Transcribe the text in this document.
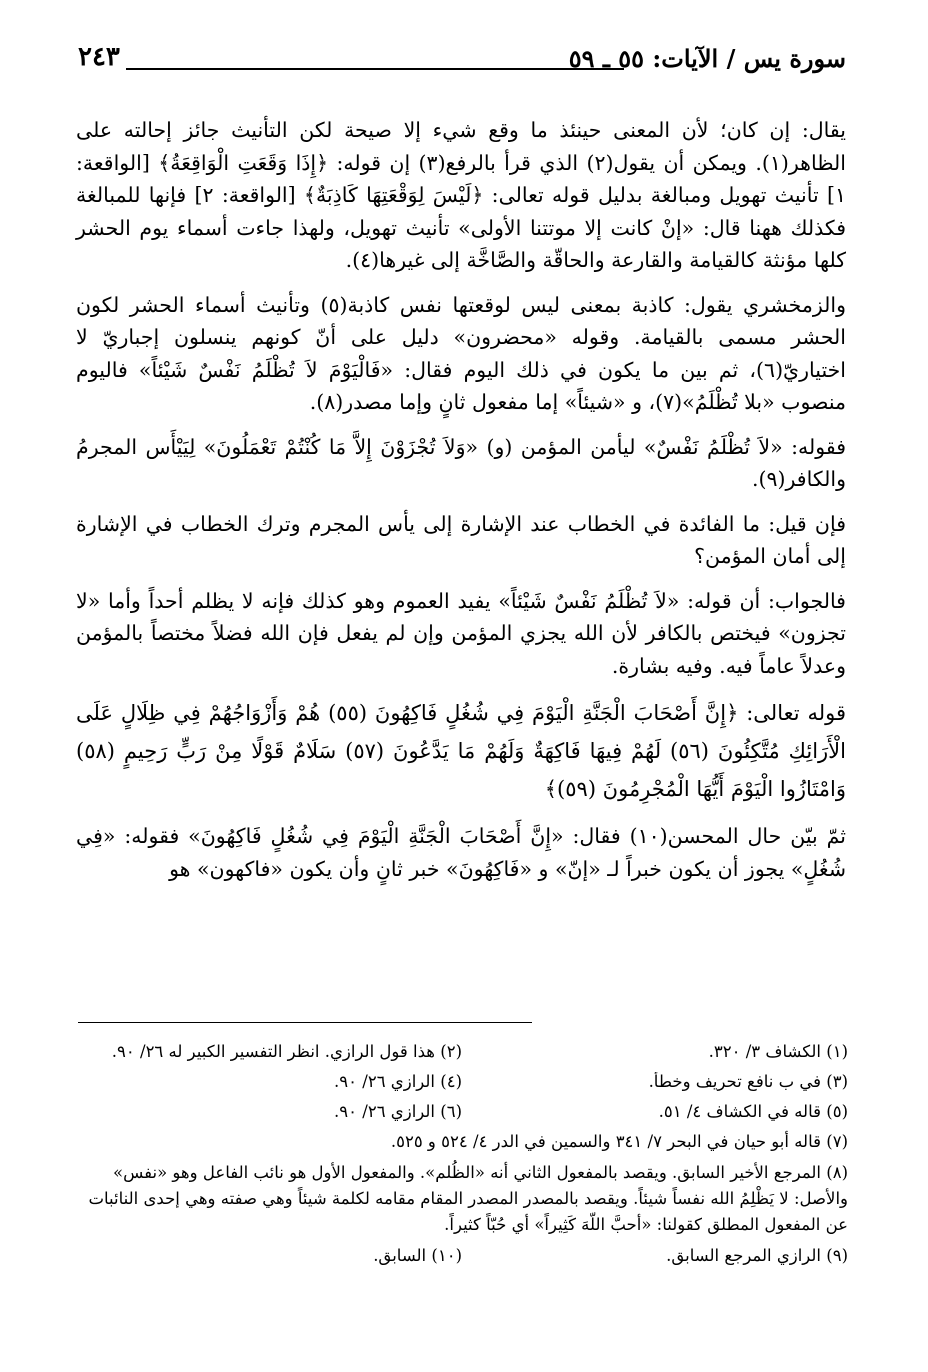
سورة يس / الآيات: ٥٥ ـ ٥٩
٢٤٣

يقال: إن كان؛ لأن المعنى حينئذ ما وقع شيء إلا صيحة لكن التأنيث جائز إحالته على الظاهر(١). ويمكن أن يقول(٢) الذي قرأ بالرفع(٣) إن قوله: ﴿إِذَا وَقَعَتِ الْوَاقِعَةُ﴾ [الواقعة: ١] تأنيث تهويل ومبالغة بدليل قوله تعالى: ﴿لَيْسَ لِوَقْعَتِهَا كَاذِبَةٌ﴾ [الواقعة: ٢] فإنها للمبالغة فكذلك ههنا قال: «إنْ كانت إلا موتتنا الأولى» تأنيث تهويل، ولهذا جاءت أسماء يوم الحشر كلها مؤنثة كالقيامة والقارعة والحاقّة والصَّاخَّة إلى غيرها(٤).

والزمخشري يقول: كاذبة بمعنى ليس لوقعتها نفس كاذبة(٥) وتأنيث أسماء الحشر لكون الحشر مسمى بالقيامة. وقوله «محضرون» دليل على أنّ كونهم ينسلون إجباريّ لا اختياريّ(٦)، ثم بين ما يكون في ذلك اليوم فقال: «فَالْيَوْمَ لاَ تُظْلَمُ نَفْسٌ شَيْئاً» فاليوم منصوب «بلا تُظْلَمُ»(٧)، و «شيئاً» إما مفعول ثانٍ وإما مصدر(٨).

فقوله: «لاَ تُظْلَمُ نَفْسٌ» ليأمن المؤمن (و) «وَلاَ تُجْزَوْنَ إِلاَّ مَا كُنْتُمْ تَعْمَلُونَ» لِيَيْأَس المجرمُ والكافر(٩).

فإن قيل: ما الفائدة في الخطاب عند الإشارة إلى يأس المجرم وترك الخطاب في الإشارة إلى أمان المؤمن؟

فالجواب: أن قوله: «لاَ تُظْلَمُ نَفْسٌ شَيْئاً» يفيد العموم وهو كذلك فإنه لا يظلم أحداً وأما «لا تجزون» فيختص بالكافر لأن الله يجزي المؤمن وإن لم يفعل فإن الله فضلاً مختصاً بالمؤمن وعدلاً عاماً فيه. وفيه بشارة.

قوله تعالى: ﴿إِنَّ أَصْحَابَ الْجَنَّةِ الْيَوْمَ فِي شُغُلٍ فَاكِهُونَ (٥٥) هُمْ وَأَزْوَاجُهُمْ فِي ظِلَالٍ عَلَى الْأَرَائِكِ مُتَّكِئُونَ (٥٦) لَهُمْ فِيهَا فَاكِهَةٌ وَلَهُمْ مَا يَدَّعُونَ (٥٧) سَلَامٌ قَوْلًا مِنْ رَبٍّ رَحِيمٍ (٥٨) وَامْتَازُوا الْيَوْمَ أَيُّهَا الْمُجْرِمُونَ (٥٩)﴾

ثمّ بيّن حال المحسن(١٠) فقال: «إِنَّ أَصْحَابَ الْجَنَّةِ الْيَوْمَ فِي شُغُلٍ فَاكِهُونَ» فقوله: «فِي شُغُلٍ» يجوز أن يكون خبراً لـ «إنّ» و «فَاكِهُونَ» خبر ثانٍ وأن يكون «فاكهون» هو

(١) الكشاف ٣/ ٣٢٠.
(٢) هذا قول الرازي. انظر التفسير الكبير له ٢٦/ ٩٠.
(٣) في ب نافع تحريف وخطأ.
(٤) الرازي ٢٦/ ٩٠.
(٥) قاله في الكشاف ٤/ ٥١.
(٦) الرازي ٢٦/ ٩٠.
(٧) قاله أبو حيان في البحر ٧/ ٣٤١ والسمين في الدر ٤/ ٥٢٤ و ٥٢٥.
(٨) المرجع الأخير السابق. ويقصد بالمفعول الثاني أنه «الظُلم». والمفعول الأول هو نائب الفاعل وهو «نفس» والأصل: لا يَظْلِمُ الله نفساً شيئاً. ويقصد بالمصدر المصدر المقام مقامه لكلمة شيئاً وهي صفته وهي إحدى النائبات عن المفعول المطلق كقولنا: «أحبَّ اللّهَ كَثِيراً» أي حُبّاً كثيراً.
(٩) الرازي المرجع السابق.
(١٠) السابق.
